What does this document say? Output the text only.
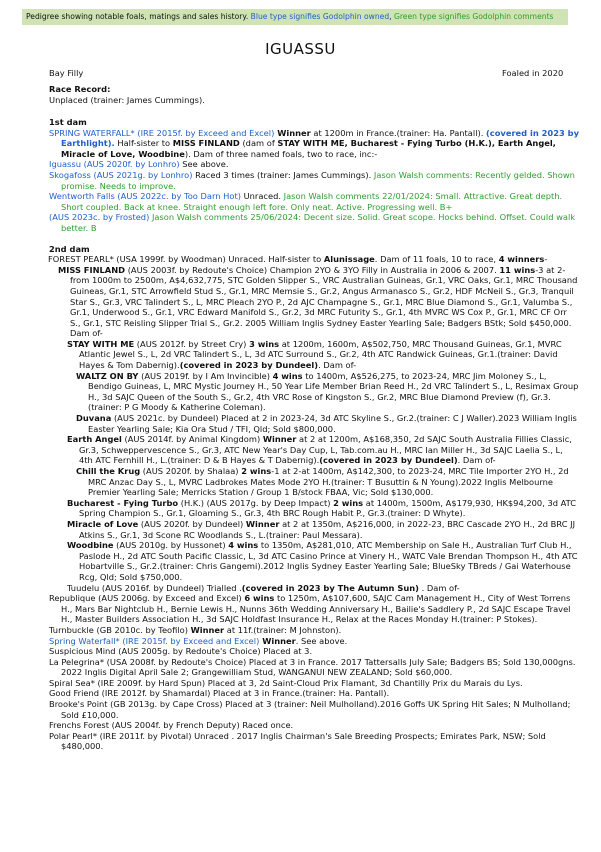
Pedigree showing notable foals, matings and sales history. Blue type signifies Godolphin owned, Green type signifies Godolphin comments
IGUASSU
Bay Filly	Foaled in 2020
Race Record:
Unplaced (trainer: James Cummings).

1st dam

SPRING WATERFALL* (IRE 2015f. by Exceed and Excel) Winner at 1200m in France.(trainer: Ha. Pantall). (covered in 2023 by Earthlight). Half-sister to MISS FINLAND (dam of STAY WITH ME, Bucharest - Fying Turbo (H.K.), Earth Angel, Miracle of Love, Woodbine). Dam of three named foals, two to race, inc:-

Iguassu (AUS 2020f. by Lonhro) See above.

Skogafoss (AUS 2021g. by Lonhro) Raced 3 times (trainer: James Cummings). Jason Walsh comments: Recently gelded. Shown promise. Needs to improve.

Wentworth Falls (AUS 2022c. by Too Darn Hot) Unraced. Jason Walsh comments 22/01/2024: Small. Attractive. Great depth. Short coupled. Back at knee. Straight enough left fore. Only neat. Active. Progressing well. B+

(AUS 2023c. by Frosted) Jason Walsh comments 25/06/2024: Decent size. Solid. Great scope. Hocks behind. Offset. Could walk better. B

2nd dam

FOREST PEARL* (USA 1999f. by Woodman) Unraced. Half-sister to Alunissage. Dam of 11 foals, 10 to race, 4 winners-

MISS FINLAND (AUS 2003f. by Redoute's Choice) Champion 2YO & 3YO Filly in Australia in 2006 & 2007. 11 wins-3 at 2-from 1000m to 2500m, A$4,632,775, STC Golden Slipper S., VRC Australian Guineas, Gr.1, VRC Oaks, Gr.1, MRC Thousand Guineas, Gr.1, STC Arrowfield Stud S., Gr.1, MRC Memsie S., Gr.2, Angus Armanasco S., Gr.2, HDF McNeil S., Gr.3, Tranquil Star S., Gr.3, VRC Talindert S., L, MRC Pleach 2YO P., 2d AJC Champagne S., Gr.1, MRC Blue Diamond S., Gr.1, Valumba S., Gr.1, Underwood S., Gr.1, VRC Edward Manifold S., Gr.2, 3d MRC Futurity S., Gr.1, 4th MVRC WS Cox P., Gr.1, MRC CF Orr S., Gr.1, STC Reisling Slipper Trial S., Gr.2. 2005 William Inglis Sydney Easter Yearling Sale; Badgers BStk; Sold $450,000. Dam of-

STAY WITH ME (AUS 2012f. by Street Cry) 3 wins at 1200m, 1600m, A$502,750, MRC Thousand Guineas, Gr.1, MVRC Atlantic Jewel S., L, 2d VRC Talindert S., L, 3d ATC Surround S., Gr.2, 4th ATC Randwick Guineas, Gr.1.(trainer: David Hayes & Tom Dabernig).(covered in 2023 by Dundeel). Dam of-

WALTZ ON BY (AUS 2019f. by I Am Invincible) 4 wins to 1400m, A$526,275, to 2023-24, MRC Jim Moloney S., L, Bendigo Guineas, L, MRC Mystic Journey H., 50 Year Life Member Brian Reed H., 2d VRC Talindert S., L, Resimax Group H., 3d SAJC Queen of the South S., Gr.2, 4th VRC Rose of Kingston S., Gr.2, MRC Blue Diamond Preview (f), Gr.3.(trainer: P G Moody & Katherine Coleman).

Duvana (AUS 2021c. by Dundeel) Placed at 2 in 2023-24, 3d ATC Skyline S., Gr.2.(trainer: C J Waller).2023 William Inglis Easter Yearling Sale; Kia Ora Stud / TFI, Qld; Sold $800,000.

Earth Angel (AUS 2014f. by Animal Kingdom) Winner at 2 at 1200m, A$168,350, 2d SAJC South Australia Fillies Classic, Gr.3, Schweppervescence S., Gr.3, ATC New Year's Day Cup, L, Tab.com.au H., MRC Ian Miller H., 3d SAJC Laelia S., L, 4th ATC Fernhill H., L.(trainer: D & B Hayes & T Dabernig).(covered in 2023 by Dundeel). Dam of-

Chill the Krug (AUS 2020f. by Shalaa) 2 wins-1 at 2-at 1400m, A$142,300, to 2023-24, MRC Tile Importer 2YO H., 2d MRC Anzac Day S., L, MVRC Ladbrokes Mates Mode 2YO H.(trainer: T Busuttin & N Young).2022 Inglis Melbourne Premier Yearling Sale; Merricks Station / Group 1 B/stock FBAA, Vic; Sold $130,000.

Bucharest - Fying Turbo (H.K.) (AUS 2017g. by Deep Impact) 2 wins at 1400m, 1500m, A$179,930, HK$94,200, 3d ATC Spring Champion S., Gr.1, Gloaming S., Gr.3, 4th BRC Rough Habit P., Gr.3.(trainer: D Whyte).

Miracle of Love (AUS 2020f. by Dundeel) Winner at 2 at 1350m, A$216,000, in 2022-23, BRC Cascade 2YO H., 2d BRC JJ Atkins S., Gr.1, 3d Scone RC Woodlands S., L.(trainer: Paul Messara).

Woodbine (AUS 2010g. by Hussonet) 4 wins to 1350m, A$281,010, ATC Membership on Sale H., Australian Turf Club H., Paslode H., 2d ATC South Pacific Classic, L, 3d ATC Casino Prince at Vinery H., WATC Vale Brendan Thompson H., 4th ATC Hobartville S., Gr.2.(trainer: Chris Gangemi).2012 Inglis Sydney Easter Yearling Sale; BlueSky TBreds / Gai Waterhouse Rcg, Qld; Sold $750,000.

Tuudelu (AUS 2016f. by Dundeel) Trialled .(covered in 2023 by The Autumn Sun) . Dam of-

Republique (AUS 2006g. by Exceed and Excel) 6 wins to 1250m, A$107,600, SAJC Cam Management H., City of West Torrens H., Mars Bar Nightclub H., Bernie Lewis H., Nunns 36th Wedding Anniversary H., Bailie's Saddlery P., 2d SAJC Escape Travel H., Master Builders Association H., 3d SAJC Holdfast Insurance H., Relax at the Races Monday H.(trainer: P Stokes).

Turnbuckle (GB 2010c. by Teofilo) Winner at 11f.(trainer: M Johnston).

Spring Waterfall* (IRE 2015f. by Exceed and Excel) Winner. See above.

Suspicious Mind (AUS 2005g. by Redoute's Choice) Placed at 3.

La Pelegrina* (USA 2008f. by Redoute's Choice) Placed at 3 in France. 2017 Tattersalls July Sale; Badgers BS; Sold 130,000gns. 2022 Inglis Digital April Sale 2; Grangewilliam Stud, WANGANUI NEW ZEALAND; Sold $60,000.

Spiral Sea* (IRE 2009f. by Hard Spun) Placed at 3, 2d Saint-Cloud Prix Flamant, 3d Chantilly Prix du Marais du Lys.

Good Friend (IRE 2012f. by Shamardal) Placed at 3 in France.(trainer: Ha. Pantall).

Brooke's Point (GB 2013g. by Cape Cross) Placed at 3 (trainer: Neil Mulholland).2016 Goffs UK Spring Hit Sales; N Mulholland; Sold £10,000.

Frenchs Forest (AUS 2004f. by French Deputy) Raced once.

Polar Pearl* (IRE 2011f. by Pivotal) Unraced . 2017 Inglis Chairman's Sale Breeding Prospects; Emirates Park, NSW; Sold $480,000.
